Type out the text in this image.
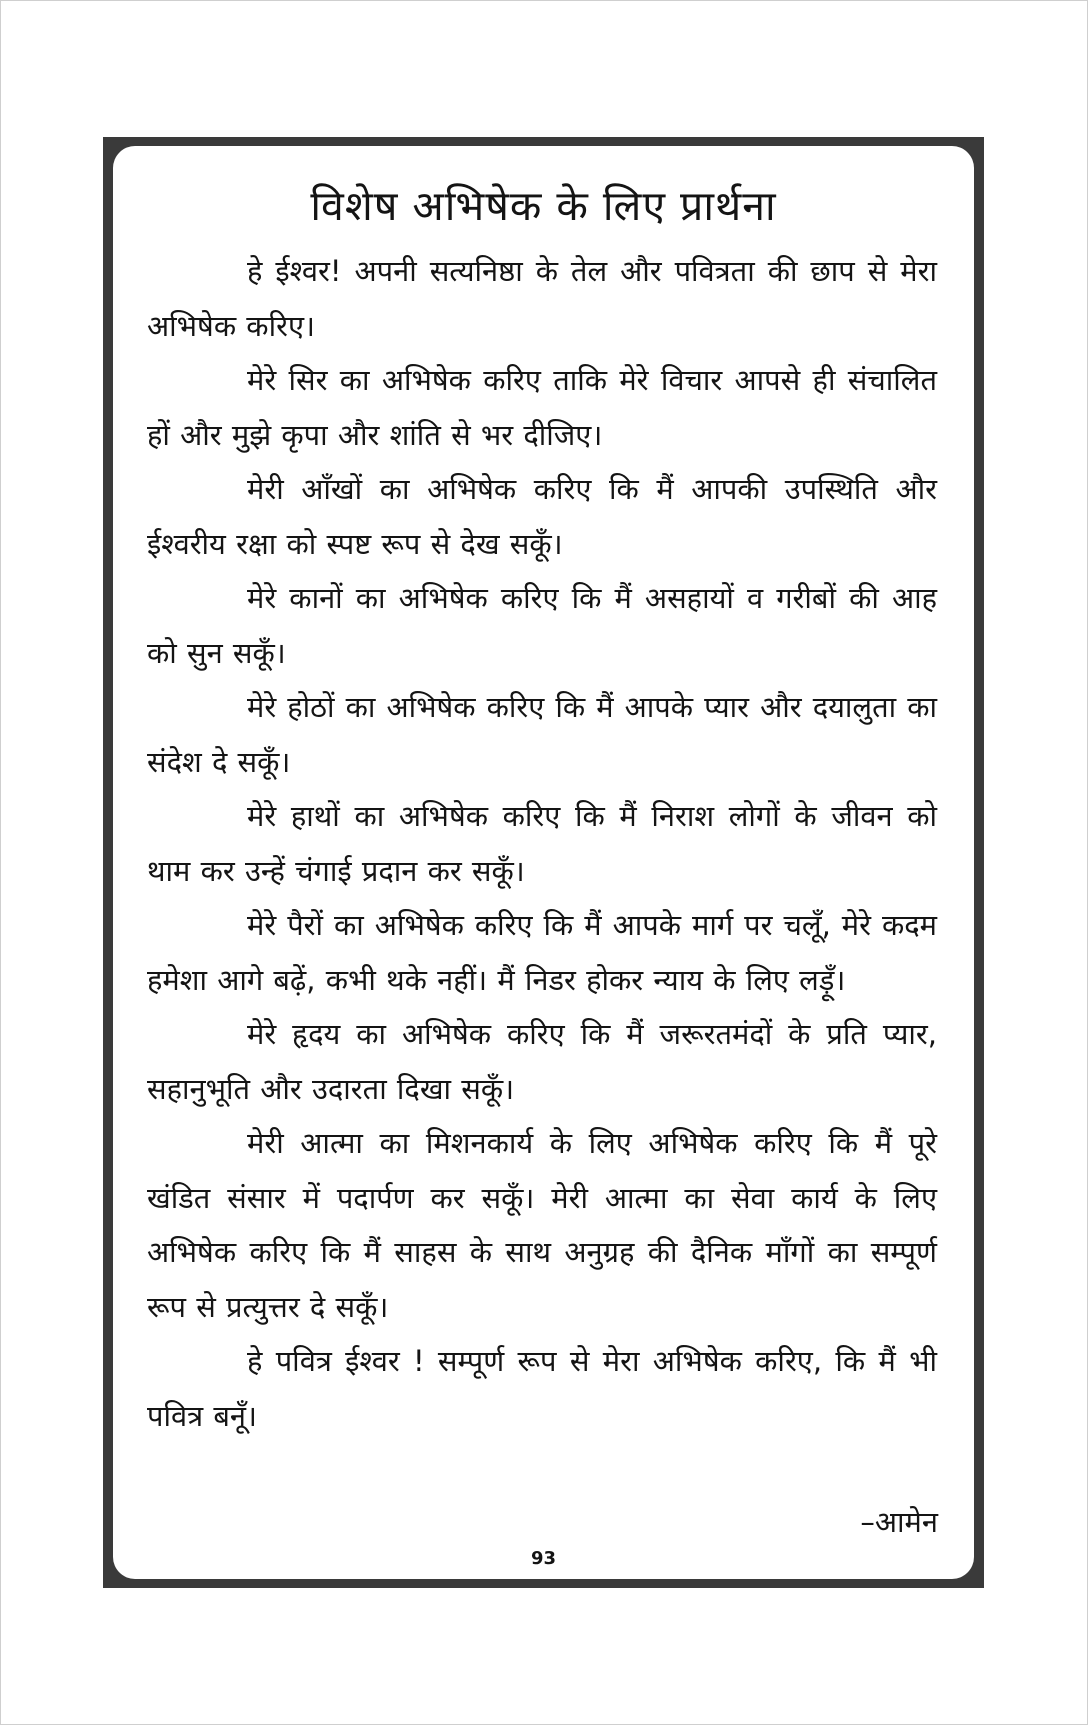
विशेष अभिषेक के लिए प्रार्थना

हे ईश्वर! अपनी सत्यनिष्ठा के तेल और पवित्रता की छाप से मेरा अभिषेक करिए।

मेरे सिर का अभिषेक करिए ताकि मेरे विचार आपसे ही संचालित हों और मुझे कृपा और शांति से भर दीजिए।

मेरी आँखों का अभिषेक करिए कि मैं आपकी उपस्थिति और ईश्वरीय रक्षा को स्पष्ट रूप से देख सकूँ।

मेरे कानों का अभिषेक करिए कि मैं असहायों व गरीबों की आह को सुन सकूँ।

मेरे होठों का अभिषेक करिए कि मैं आपके प्यार और दयालुता का संदेश दे सकूँ।

मेरे हाथों का अभिषेक करिए कि मैं निराश लोगों के जीवन को थाम कर उन्हें चंगाई प्रदान कर सकूँ।

मेरे पैरों का अभिषेक करिए कि मैं आपके मार्ग पर चलूँ, मेरे कदम हमेशा आगे बढ़ें, कभी थके नहीं। मैं निडर होकर न्याय के लिए लड़ूँ।

मेरे हृदय का अभिषेक करिए कि मैं जरूरतमंदों के प्रति प्यार, सहानुभूति और उदारता दिखा सकूँ।

मेरी आत्मा का मिशनकार्य के लिए अभिषेक करिए कि मैं पूरे खंडित संसार में पदार्पण कर सकूँ। मेरी आत्मा का सेवा कार्य के लिए अभिषेक करिए कि मैं साहस के साथ अनुग्रह की दैनिक माँगों का सम्पूर्ण रूप से प्रत्युत्तर दे सकूँ।

हे पवित्र ईश्वर ! सम्पूर्ण रूप से मेरा अभिषेक करिए, कि मैं भी पवित्र बनूँ।

–आमेन
93
